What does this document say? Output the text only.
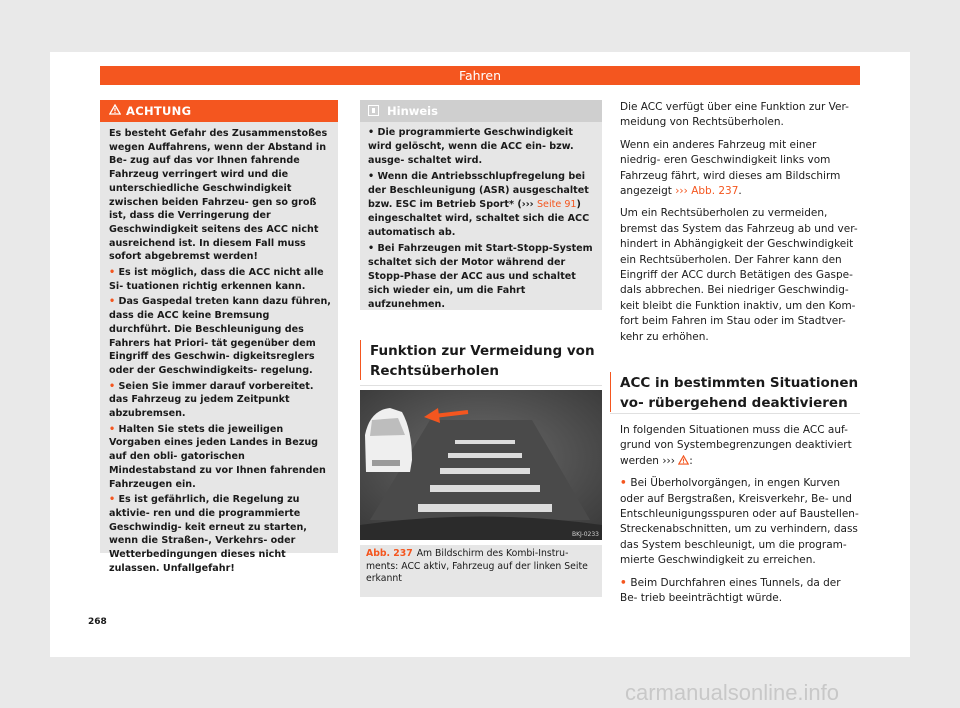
Fahren
ACHTUNG

Es besteht Gefahr des Zusammenstoßes wegen Auffahrens, wenn der Abstand in Be- zug auf das vor Ihnen fahrende Fahrzeug verringert wird und die unterschiedliche Geschwindigkeit zwischen beiden Fahrzeu- gen so groß ist, dass die Verringerung der Geschwindigkeit seitens des ACC nicht ausreichend ist. In diesem Fall muss sofort abgebremst werden!

• Es ist möglich, dass die ACC nicht alle Si- tuationen richtig erkennen kann.

• Das Gaspedal treten kann dazu führen, dass die ACC keine Bremsung durchführt. Die Beschleunigung des Fahrers hat Priori- tät gegenüber dem Eingriff des Geschwin- digkeitsreglers oder der Geschwindigkeits- regelung.

• Seien Sie immer darauf vorbereitet. das Fahrzeug zu jedem Zeitpunkt abzubremsen.

• Halten Sie stets die jeweiligen Vorgaben eines jeden Landes in Bezug auf den obli- gatorischen Mindestabstand zu vor Ihnen fahrenden Fahrzeugen ein.

• Es ist gefährlich, die Regelung zu aktivie- ren und die programmierte Geschwindig- keit erneut zu starten, wenn die Straßen-, Verkehrs- oder Wetterbedingungen dieses nicht zulassen. Unfallgefahr!

Hinweis

• Die programmierte Geschwindigkeit wird gelöscht, wenn die ACC ein- bzw. ausge- schaltet wird.

• Wenn die Antriebsschlupfregelung bei der Beschleunigung (ASR) ausgeschaltet bzw. ESC im Betrieb Sport* (››› Seite 91) eingeschaltet wird, schaltet sich die ACC automatisch ab.

• Bei Fahrzeugen mit Start-Stopp-System schaltet sich der Motor während der Stopp-Phase der ACC aus und schaltet sich wieder ein, um die Fahrt aufzunehmen.

Funktion zur Vermeidung von Rechtsüberholen
BKJ-0233
Abb. 237 Am Bildschirm des Kombi-Instru- ments: ACC aktiv, Fahrzeug auf der linken Seite erkannt

Die ACC verfügt über eine Funktion zur Ver- meidung von Rechtsüberholen.

Wenn ein anderes Fahrzeug mit einer niedrig- eren Geschwindigkeit links vom Fahrzeug fährt, wird dieses am Bildschirm angezeigt ››› Abb. 237.

Um ein Rechtsüberholen zu vermeiden, bremst das System das Fahrzeug ab und ver- hindert in Abhängigkeit der Geschwindigkeit ein Rechtsüberholen. Der Fahrer kann den Eingriff der ACC durch Betätigen des Gaspe- dals abbrechen. Bei niedriger Geschwindig- keit bleibt die Funktion inaktiv, um den Kom- fort beim Fahren im Stau oder im Stadtver- kehr zu erhöhen.

ACC in bestimmten Situationen vo- rübergehend deaktivieren

In folgenden Situationen muss die ACC auf- grund von Systembegrenzungen deaktiviert werden ››› :

• Bei Überholvorgängen, in engen Kurven oder auf Bergstraßen, Kreisverkehr, Be- und Entschleunigungsspuren oder auf Baustellen- Streckenabschnitten, um zu verhindern, dass das System beschleunigt, um die program- mierte Geschwindigkeit zu erreichen.

• Beim Durchfahren eines Tunnels, da der Be- trieb beeinträchtigt würde.

268
carmanualsonline.info
